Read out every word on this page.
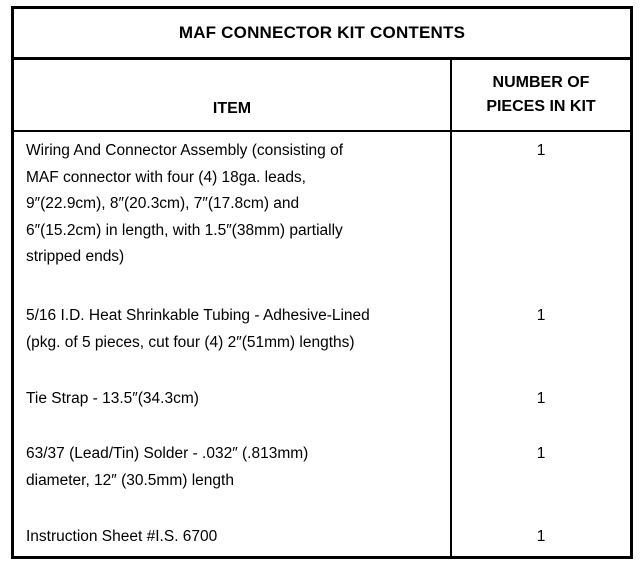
MAF CONNECTOR KIT CONTENTS
ITEM
NUMBER OF
PIECES IN KIT
Wiring And Connector Assembly (consisting of
MAF connector with four (4) 18ga. leads,
9″(22.9cm), 8″(20.3cm), 7″(17.8cm) and
6″(15.2cm) in length, with 1.5″(38mm) partially
stripped ends)
1
5/16 I.D. Heat Shrinkable Tubing - Adhesive-Lined
(pkg. of 5 pieces, cut four (4) 2″(51mm) lengths)
1
Tie Strap - 13.5″(34.3cm)	1
63/37 (Lead/Tin) Solder - .032″ (.813mm)
diameter, 12″ (30.5mm) length
1
Instruction Sheet #I.S. 6700	1
